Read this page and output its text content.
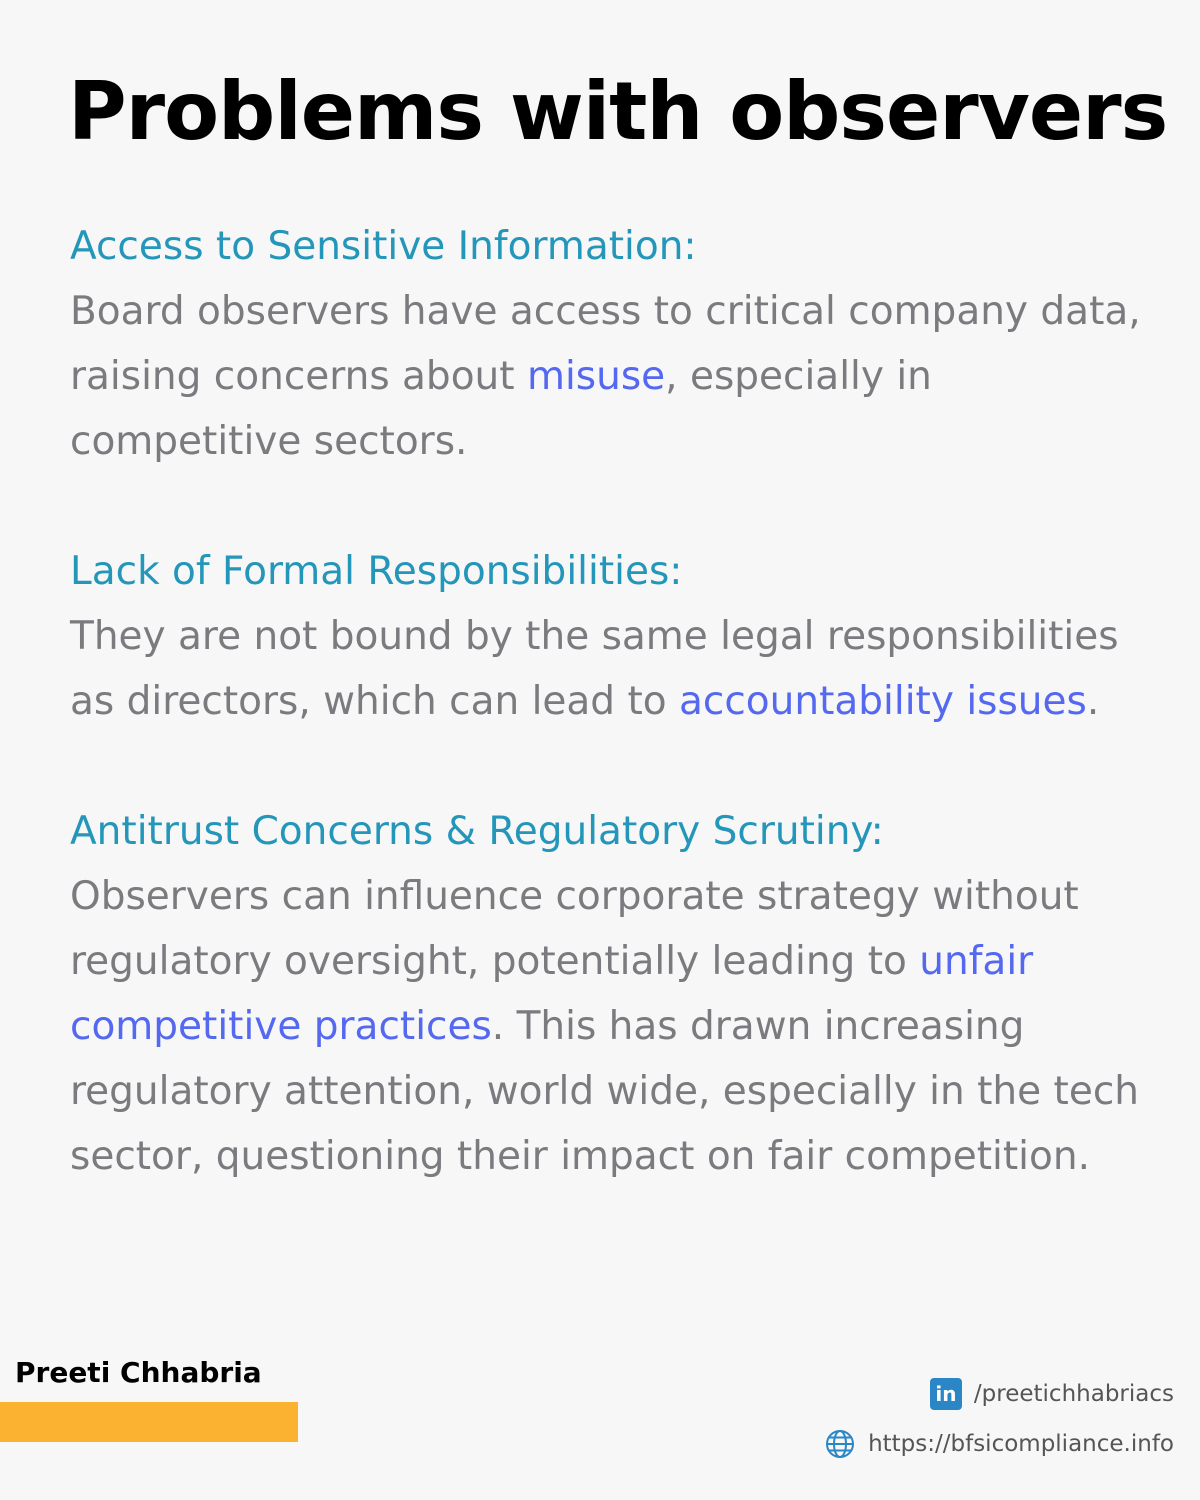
Problems with observers

Access to Sensitive Information:

Board observers have access to critical company data, raising concerns about misuse, especially in competitive sectors.

Lack of Formal Responsibilities:

They are not bound by the same legal responsibilities as directors, which can lead to accountability issues.

Antitrust Concerns & Regulatory Scrutiny:

Observers can influence corporate strategy without regulatory oversight, potentially leading to unfair competitive practices. This has drawn increasing regulatory attention, world wide, especially in the tech sector, questioning their impact on fair competition.

Preeti Chhabria

in /preetichhabriacs
https://bfsicompliance.info
